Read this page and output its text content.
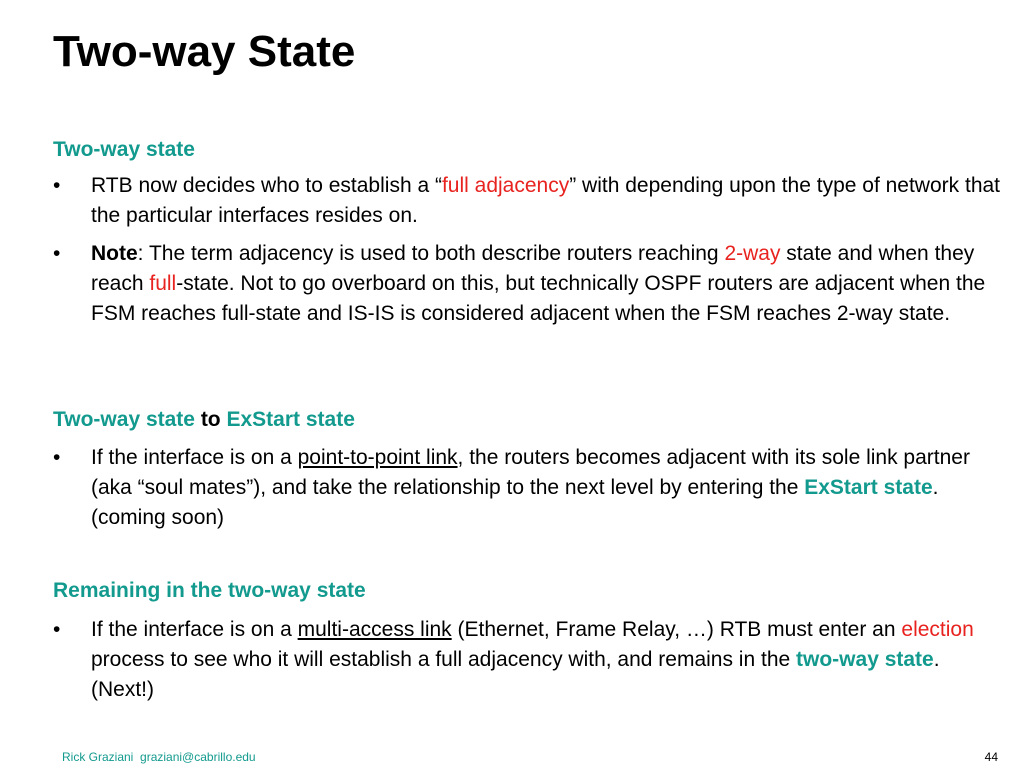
Two-way State
Two-way state
•	RTB now decides who to establish a “full adjacency” with depending upon the type of network that the particular interfaces resides on.
•	Note: The term adjacency is used to both describe routers reaching 2-way state and when they reach full-state. Not to go overboard on this, but technically OSPF routers are adjacent when the FSM reaches full-state and IS-IS is considered adjacent when the FSM reaches 2-way state.
Two-way state to ExStart state
•	If the interface is on a point-to-point link, the routers becomes adjacent with its sole link partner (aka “soul mates”), and take the relationship to the next level by entering the ExStart state. (coming soon)
Remaining in the two-way state
•	If the interface is on a multi-access link (Ethernet, Frame Relay, …) RTB must enter an election process to see who it will establish a full adjacency with, and remains in the two-way state. (Next!)
Rick Graziani graziani@cabrillo.edu	44
